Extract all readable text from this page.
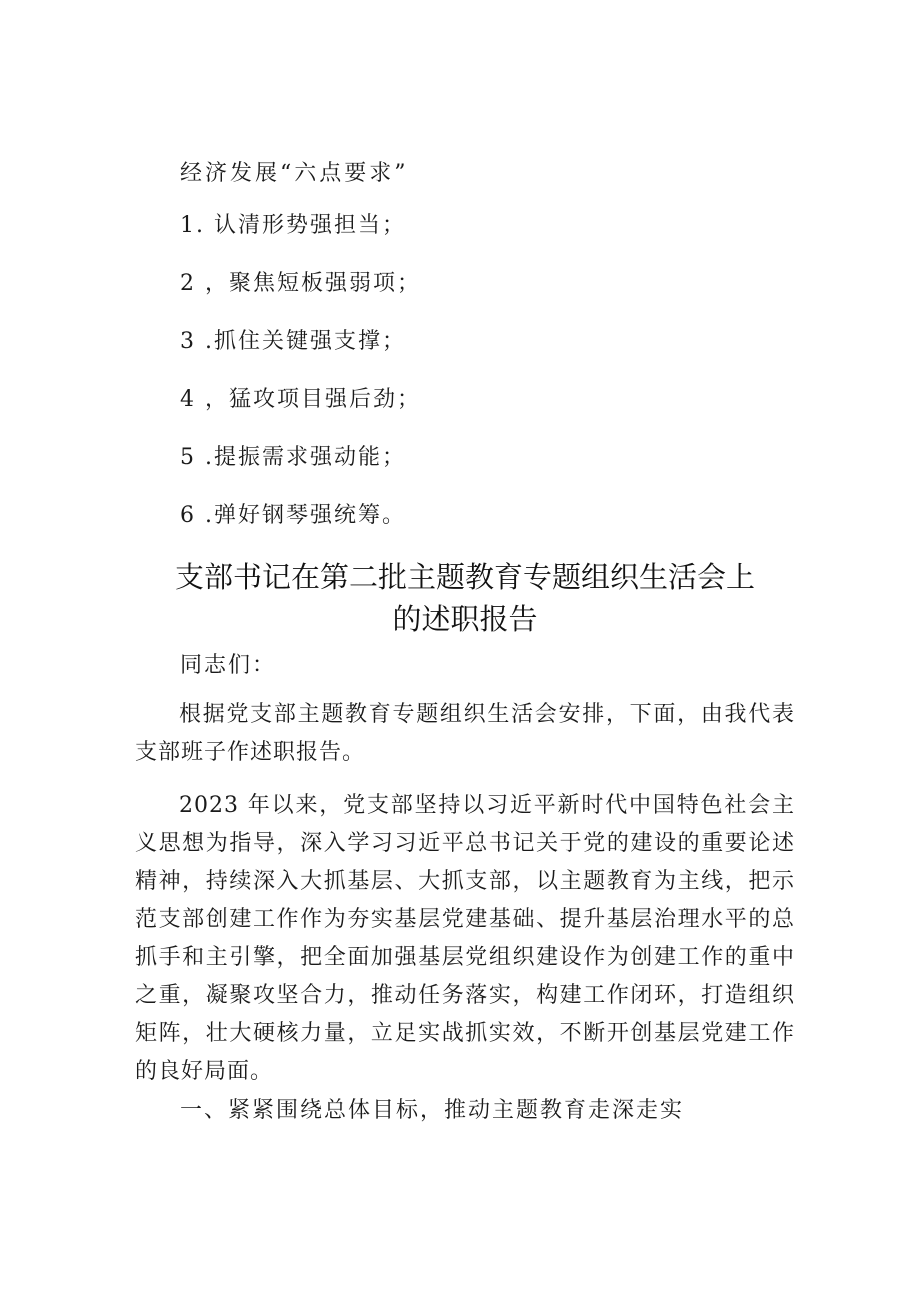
经济发展“六点要求”
1. 认清形势强担当；
2 ，聚焦短板强弱项；
3 .抓住关键强支撑；
4 ，猛攻项目强后劲；
5 .提振需求强动能；
6 .弹好钢琴强统筹。
支部书记在第二批主题教育专题组织生活会上
的述职报告
同志们：
根据党支部主题教育专题组织生活会安排，下面，由我代表支部班子作述职报告。
2023 年以来，党支部坚持以习近平新时代中国特色社会主义思想为指导，深入学习习近平总书记关于党的建设的重要论述精神，持续深入大抓基层、大抓支部，以主题教育为主线，把示范支部创建工作作为夯实基层党建基础、提升基层治理水平的总抓手和主引擎，把全面加强基层党组织建设作为创建工作的重中之重，凝聚攻坚合力，推动任务落实，构建工作闭环，打造组织矩阵，壮大硬核力量，立足实战抓实效，不断开创基层党建工作的良好局面。
一、紧紧围绕总体目标，推动主题教育走深走实
